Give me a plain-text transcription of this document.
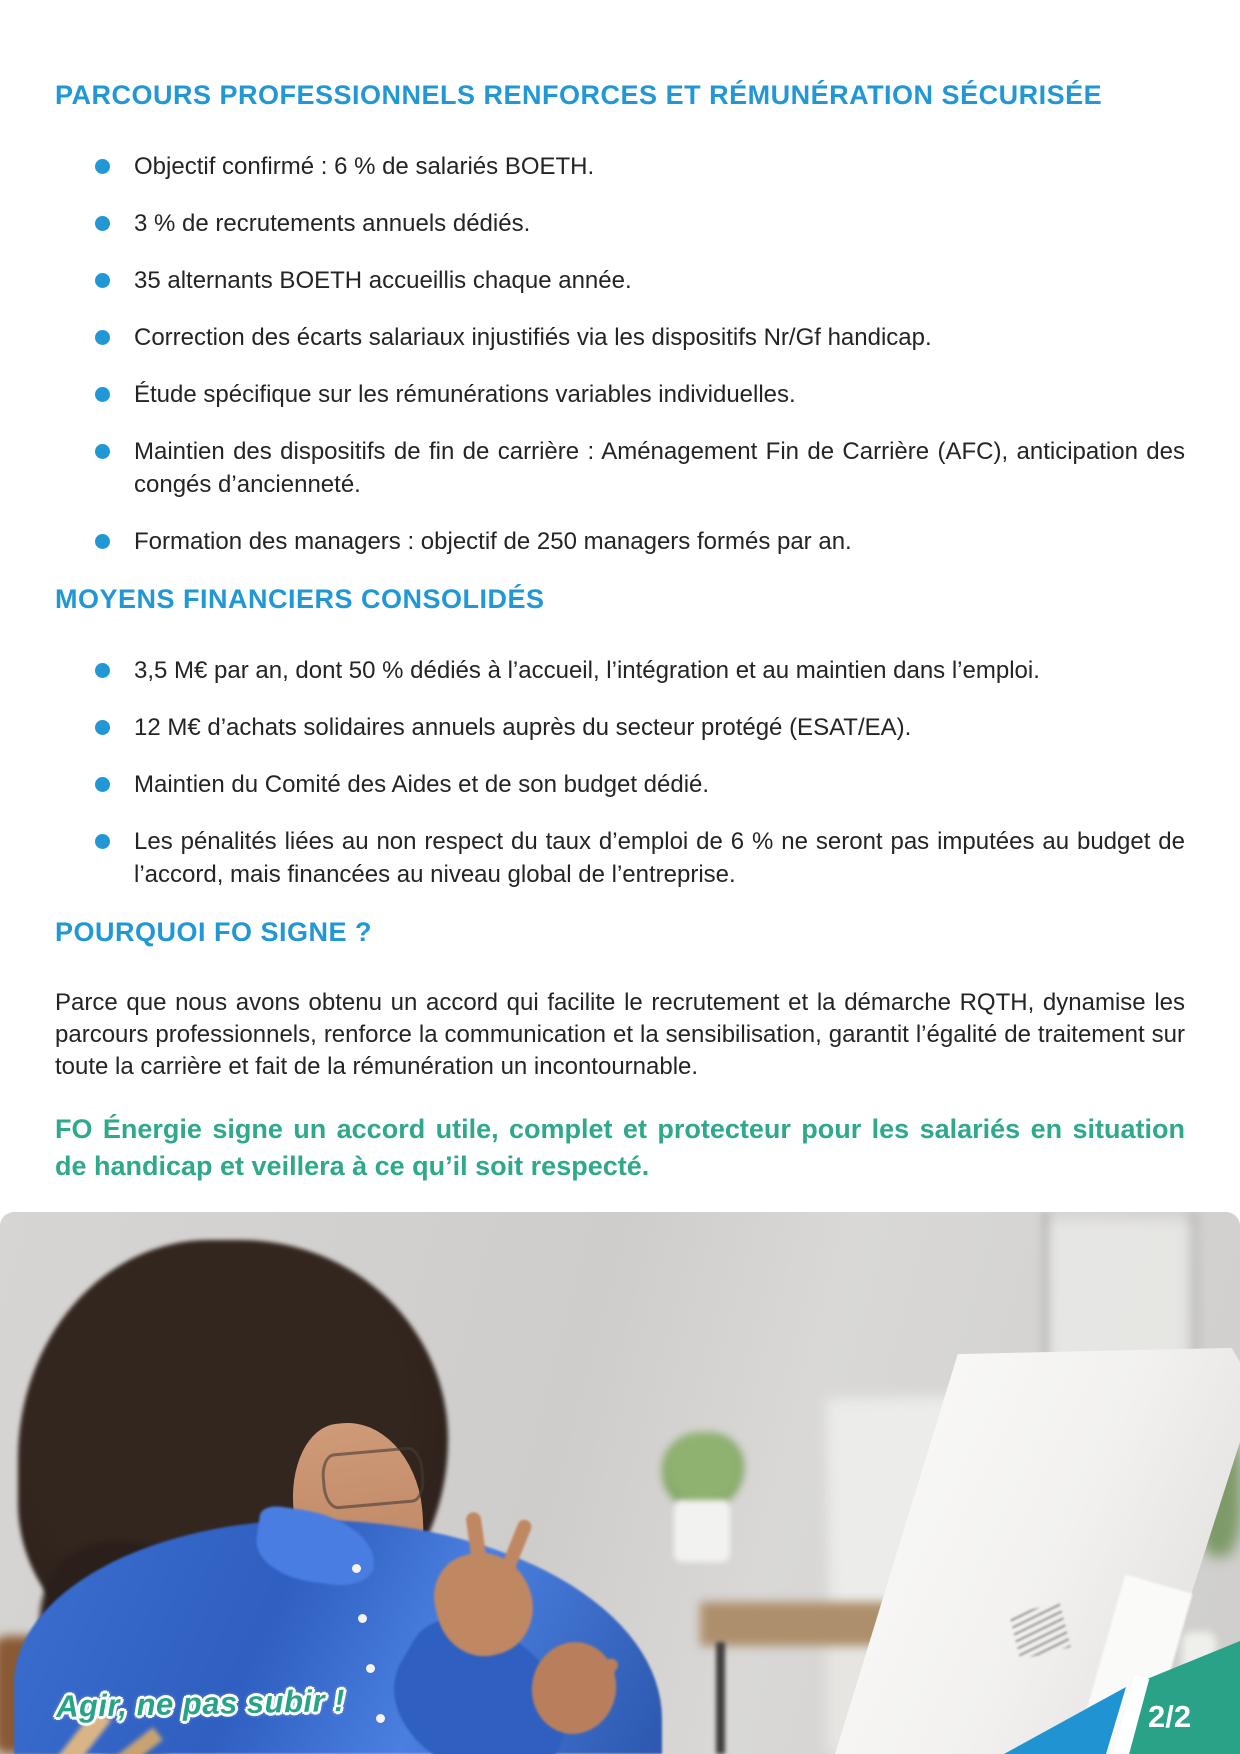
PARCOURS PROFESSIONNELS RENFORCES ET RÉMUNÉRATION SÉCURISÉE
Objectif confirmé : 6 % de salariés BOETH.
3 % de recrutements annuels dédiés.
35 alternants BOETH accueillis chaque année.
Correction des écarts salariaux injustifiés via les dispositifs Nr/Gf handicap.
Étude spécifique sur les rémunérations variables individuelles.
Maintien des dispositifs de fin de carrière : Aménagement Fin de Carrière (AFC), anticipation des congés d’ancienneté.
Formation des managers : objectif de 250 managers formés par an.
MOYENS FINANCIERS CONSOLIDÉS
3,5 M€ par an, dont 50 % dédiés à l’accueil, l’intégration et au maintien dans l’emploi.
12 M€ d’achats solidaires annuels auprès du secteur protégé (ESAT/EA).
Maintien du Comité des Aides et de son budget dédié.
Les pénalités liées au non respect du taux d’emploi de 6 % ne seront pas imputées au budget de l’accord, mais financées au niveau global de l’entreprise.
POURQUOI FO SIGNE ?

Parce que nous avons obtenu un accord qui facilite le recrutement et la démarche RQTH, dynamise les parcours professionnels, renforce la communication et la sensibilisation, garantit l’égalité de traitement sur toute la carrière et fait de la rémunération un incontournable.

FO Énergie signe un accord utile, complet et protecteur pour les salariés en situation de handicap et veillera à ce qu’il soit respecté.

Agir, ne pas subir !	2/2
